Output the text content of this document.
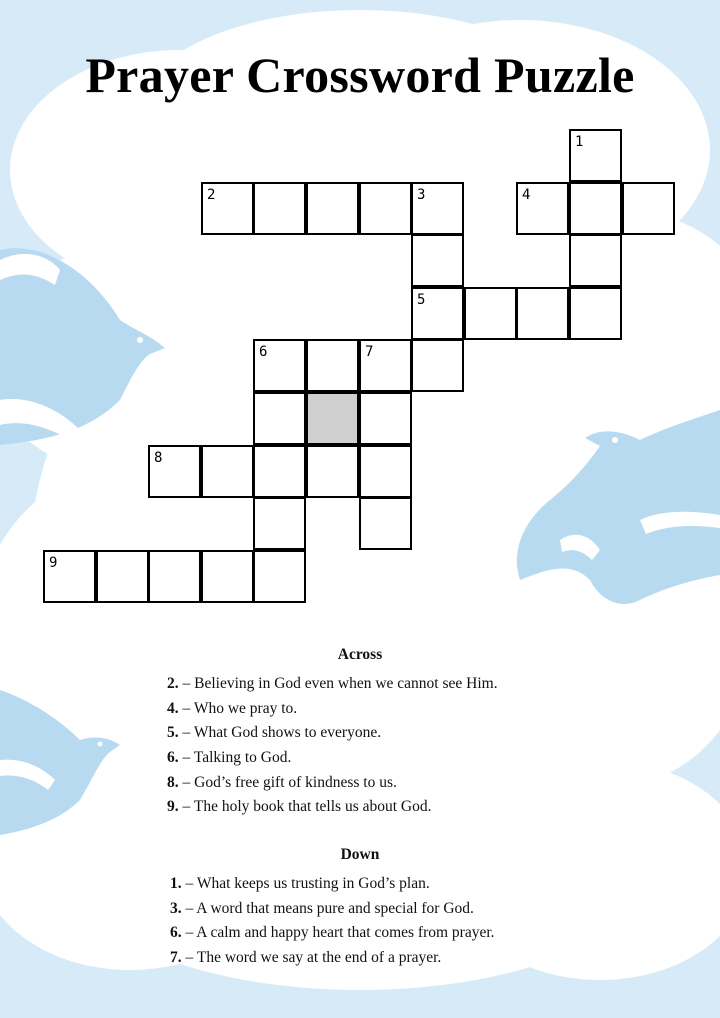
Prayer Crossword Puzzle
1
2	3	4
5
6	7
8
9
Across
2. – Believing in God even when we cannot see Him.
4. – Who we pray to.
5. – What God shows to everyone.
6. – Talking to God.
8. – God’s free gift of kindness to us.
9. – The holy book that tells us about God.
Down
1. – What keeps us trusting in God’s plan.
3. – A word that means pure and special for God.
6. – A calm and happy heart that comes from prayer.
7. – The word we say at the end of a prayer.
